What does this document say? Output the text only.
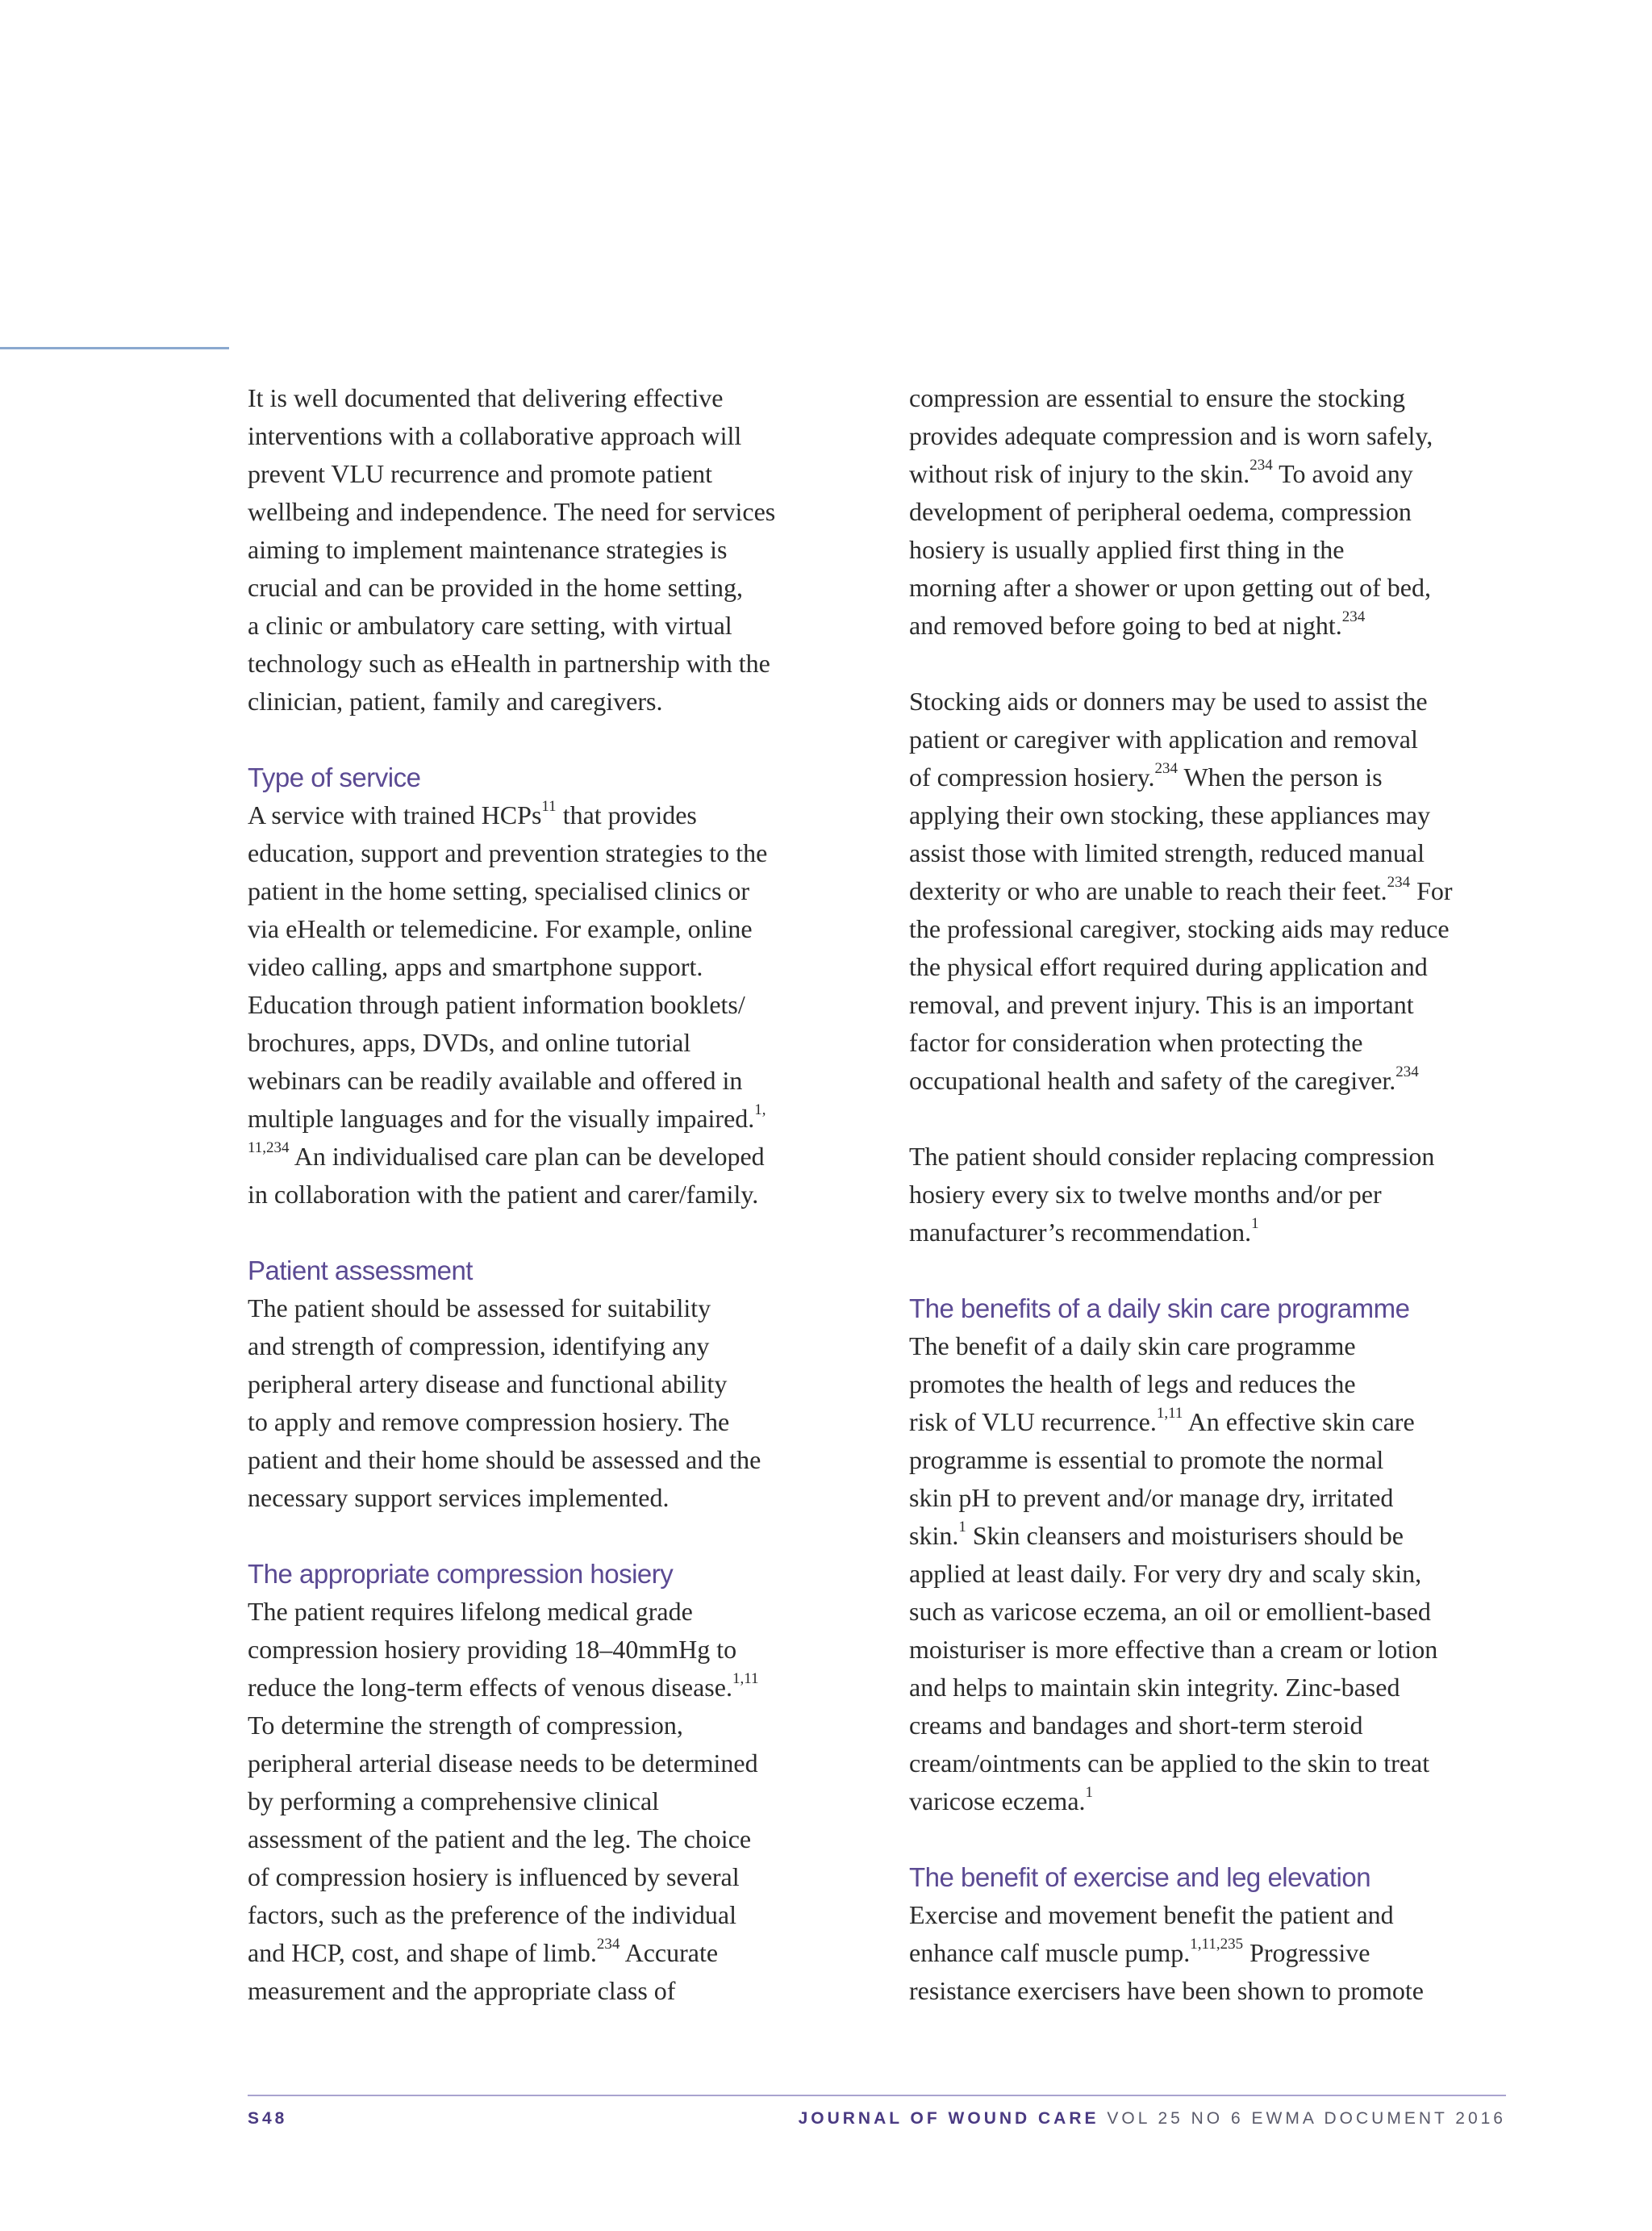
It is well documented that delivering effective
interventions with a collaborative approach will
prevent VLU recurrence and promote patient
wellbeing and independence. The need for services
aiming to implement maintenance strategies is
crucial and can be provided in the home setting,
a clinic or ambulatory care setting, with virtual
technology such as eHealth in partnership with the
clinician, patient, family and caregivers.

Type of service

A service with trained HCPs$^{11}$ that provides
education, support and prevention strategies to the
patient in the home setting, specialised clinics or
via eHealth or telemedicine. For example, online
video calling, apps and smartphone support.
Education through patient information booklets/
brochures, apps, DVDs, and online tutorial
webinars can be readily available and offered in
multiple languages and for the visually impaired.$^{1,}$
$^{11,234}$ An individualised care plan can be developed
in collaboration with the patient and carer/family.

Patient assessment

The patient should be assessed for suitability
and strength of compression, identifying any
peripheral artery disease and functional ability
to apply and remove compression hosiery. The
patient and their home should be assessed and the
necessary support services implemented.

The appropriate compression hosiery

The patient requires lifelong medical grade
compression hosiery providing 18–40mmHg to
reduce the long-term effects of venous disease.$^{1,11}$
To determine the strength of compression,
peripheral arterial disease needs to be determined
by performing a comprehensive clinical
assessment of the patient and the leg. The choice
of compression hosiery is influenced by several
factors, such as the preference of the individual
and HCP, cost, and shape of limb.$^{234}$ Accurate
measurement and the appropriate class of

compression are essential to ensure the stocking
provides adequate compression and is worn safely,
without risk of injury to the skin.$^{234}$ To avoid any
development of peripheral oedema, compression
hosiery is usually applied first thing in the
morning after a shower or upon getting out of bed,
and removed before going to bed at night.$^{234}$

Stocking aids or donners may be used to assist the
patient or caregiver with application and removal
of compression hosiery.$^{234}$ When the person is
applying their own stocking, these appliances may
assist those with limited strength, reduced manual
dexterity or who are unable to reach their feet.$^{234}$ For
the professional caregiver, stocking aids may reduce
the physical effort required during application and
removal, and prevent injury. This is an important
factor for consideration when protecting the
occupational health and safety of the caregiver.$^{234}$

The patient should consider replacing compression
hosiery every six to twelve months and/or per
manufacturer’s recommendation.$^1$

The benefits of a daily skin care programme

The benefit of a daily skin care programme
promotes the health of legs and reduces the
risk of VLU recurrence.$^{1,11}$ An effective skin care
programme is essential to promote the normal
skin pH to prevent and/or manage dry, irritated
skin.$^1$ Skin cleansers and moisturisers should be
applied at least daily. For very dry and scaly skin,
such as varicose eczema, an oil or emollient-based
moisturiser is more effective than a cream or lotion
and helps to maintain skin integrity. Zinc-based
creams and bandages and short-term steroid
cream/ointments can be applied to the skin to treat
varicose eczema.$^1$

The benefit of exercise and leg elevation

Exercise and movement benefit the patient and
enhance calf muscle pump.$^{1,11,235}$ Progressive
resistance exercisers have been shown to promote

S48	JOURNAL OF WOUND CARE VOL 25 NO 6 EWMA DOCUMENT 2016
